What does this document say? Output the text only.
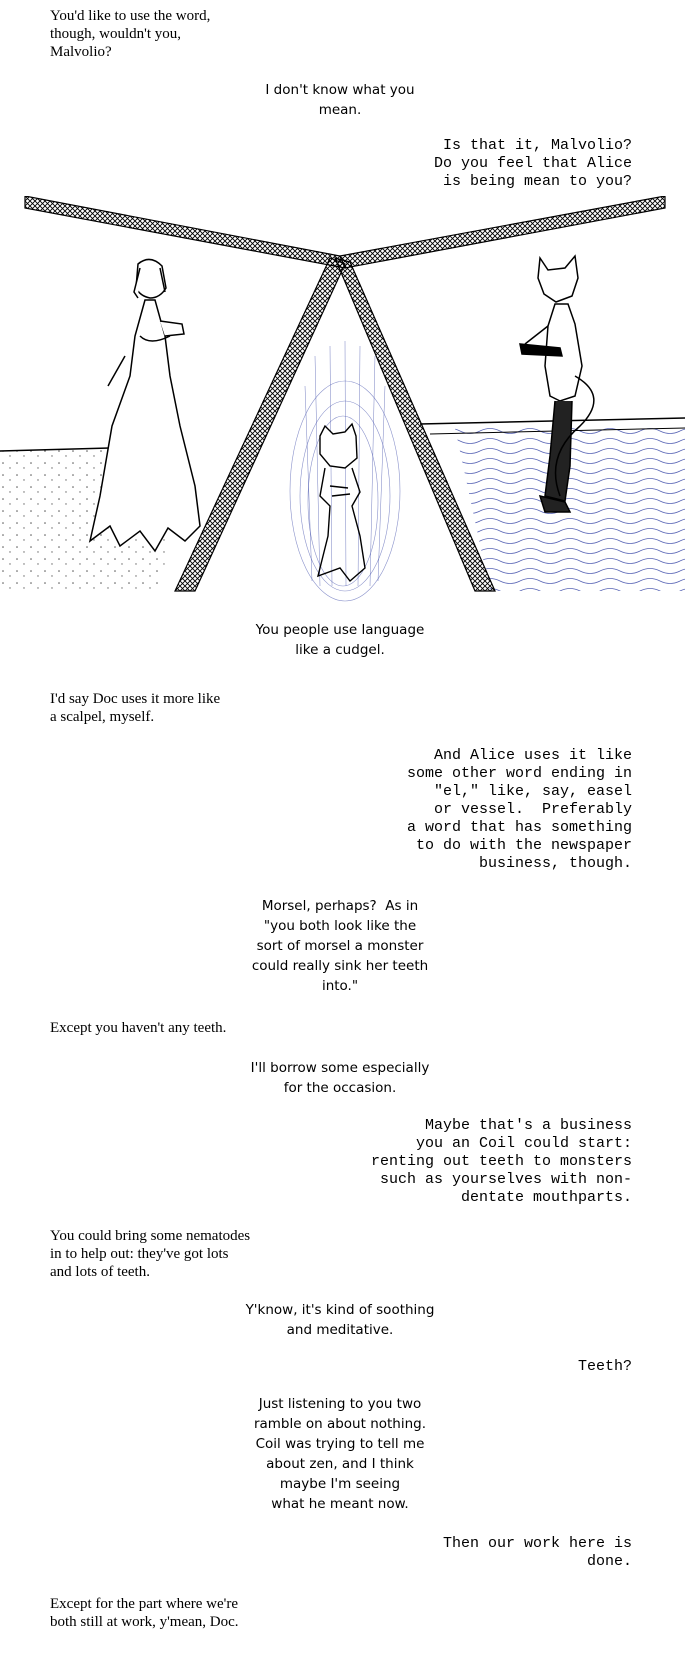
You'd like to use the word,
though, wouldn't you,
Malvolio?
I don't know what you
mean.
Is that it, Malvolio?
Do you feel that Alice
is being mean to you?
You people use language
like a cudgel.
I'd say Doc uses it more like
a scalpel, myself.
And Alice uses it like
some other word ending in
"el," like, say, easel
or vessel.  Preferably
a word that has something
to do with the newspaper
business, though.
Morsel, perhaps?  As in
"you both look like the
sort of morsel a monster
could really sink her teeth
into."
Except you haven't any teeth.
I'll borrow some especially
for the occasion.
Maybe that's a business
you an Coil could start:
renting out teeth to monsters
such as yourselves with non-
dentate mouthparts.
You could bring some nematodes
in to help out: they've got lots
and lots of teeth.
Y'know, it's kind of soothing
and meditative.
Teeth?
Just listening to you two
ramble on about nothing.
Coil was trying to tell me
about zen, and I think
maybe I'm seeing
what he meant now.
Then our work here is
done.
Except for the part where we're
both still at work, y'mean, Doc.
